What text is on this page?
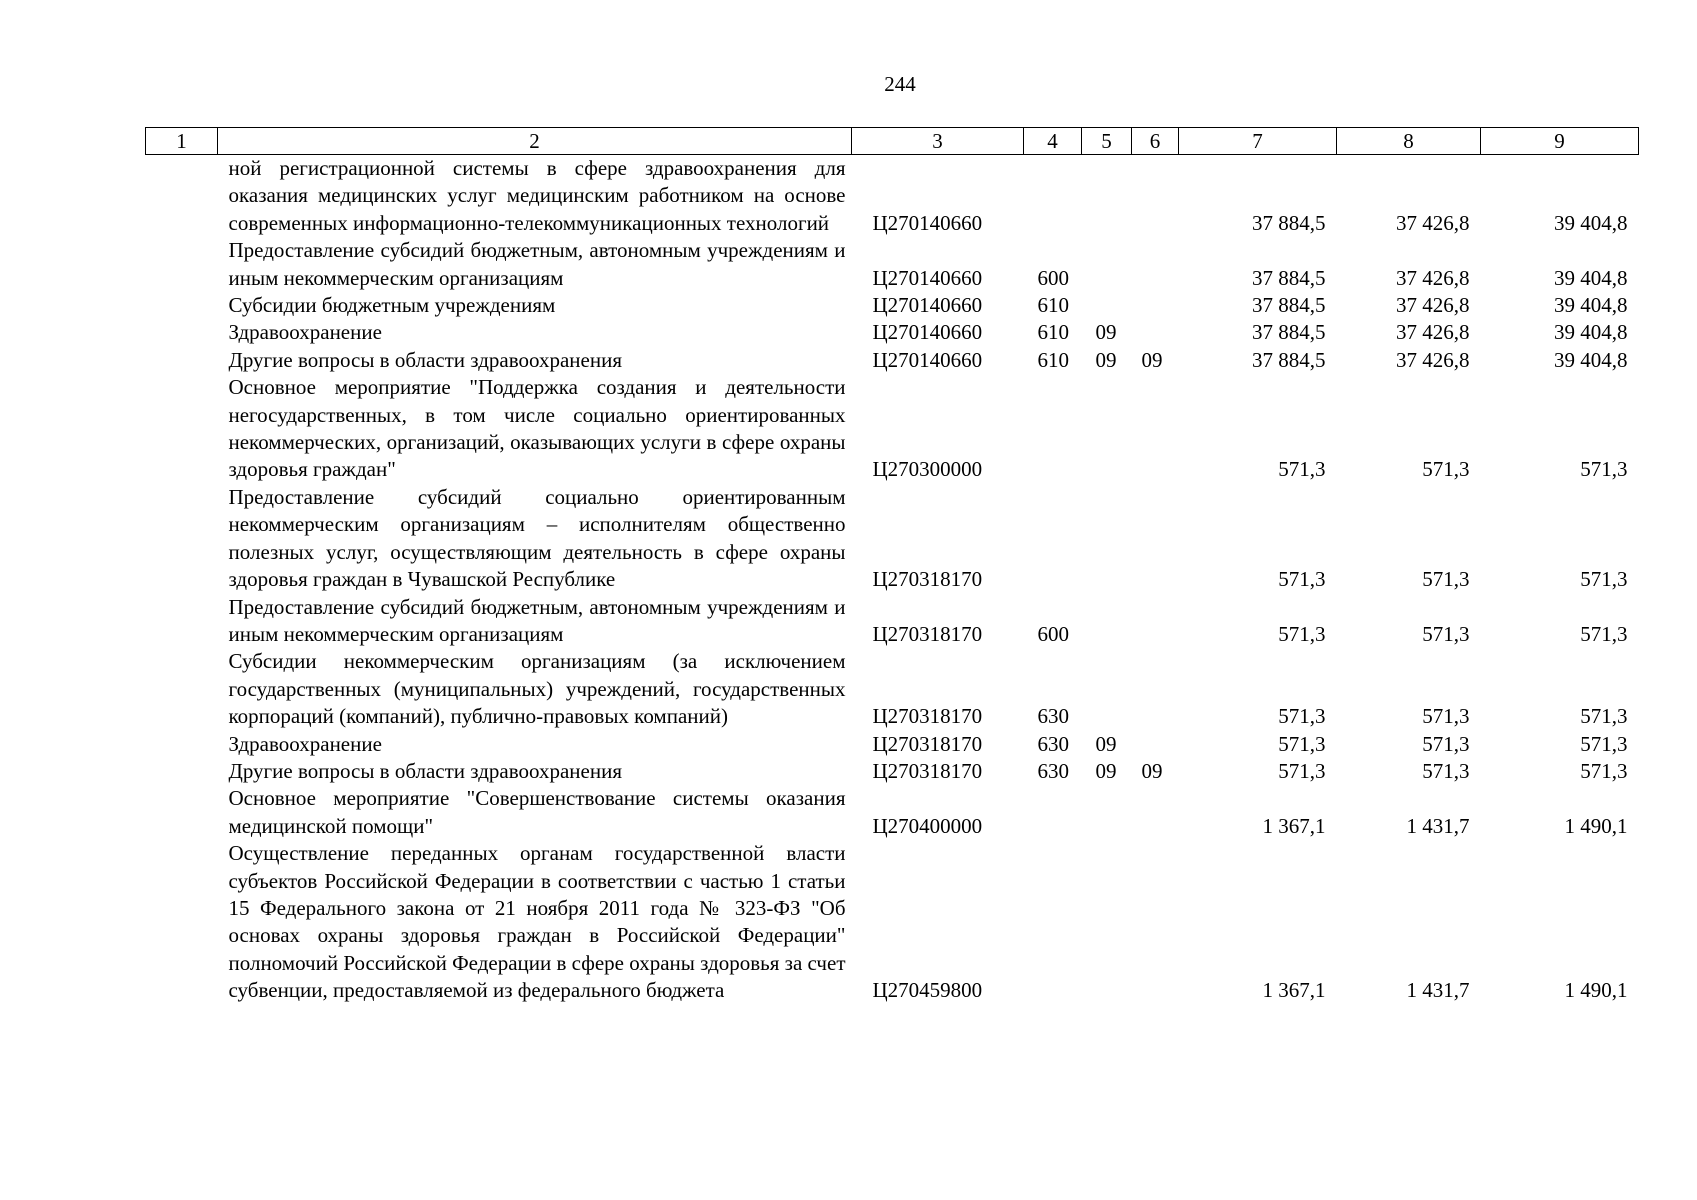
244
1	2	3	4	5	6	7	8	9
	ной регистрационной системы в сфере здравоохранения для оказания медицинских услуг медицинским работником на основе современных информационно-телекоммуникационных технологий	Ц270140660				37 884,5	37 426,8	39 404,8
	Предоставление субсидий бюджетным, автономным учреждениям и иным некоммерческим организациям	Ц270140660	600			37 884,5	37 426,8	39 404,8
	Субсидии бюджетным учреждениям	Ц270140660	610			37 884,5	37 426,8	39 404,8
	Здравоохранение	Ц270140660	610	09		37 884,5	37 426,8	39 404,8
	Другие вопросы в области здравоохранения	Ц270140660	610	09	09	37 884,5	37 426,8	39 404,8
	Основное мероприятие "Поддержка создания и деятельности негосударственных, в том числе социально ориентированных некоммерческих, организаций, оказывающих услуги в сфере охраны здоровья граждан"	Ц270300000				571,3	571,3	571,3
	Предоставление субсидий социально ориентированным некоммерческим организациям – исполнителям общественно полезных услуг, осуществляющим деятельность в сфере охраны здоровья граждан в Чувашской Республике	Ц270318170				571,3	571,3	571,3
	Предоставление субсидий бюджетным, автономным учреждениям и иным некоммерческим организациям	Ц270318170	600			571,3	571,3	571,3
	Субсидии некоммерческим организациям (за исключением государственных (муниципальных) учреждений, государственных корпораций (компаний), публично-правовых компаний)	Ц270318170	630			571,3	571,3	571,3
	Здравоохранение	Ц270318170	630	09		571,3	571,3	571,3
	Другие вопросы в области здравоохранения	Ц270318170	630	09	09	571,3	571,3	571,3
	Основное мероприятие "Совершенствование системы оказания медицинской помощи"	Ц270400000				1 367,1	1 431,7	1 490,1
	Осуществление переданных органам государственной власти субъектов Российской Федерации в соответствии с частью 1 статьи 15 Федерального закона от 21 ноября 2011 года № 323-ФЗ "Об основах охраны здоровья граждан в Российской Федерации" полномочий Российской Федерации в сфере охраны здоровья за счет субвенции, предоставляемой из федерального бюджета	Ц270459800				1 367,1	1 431,7	1 490,1
